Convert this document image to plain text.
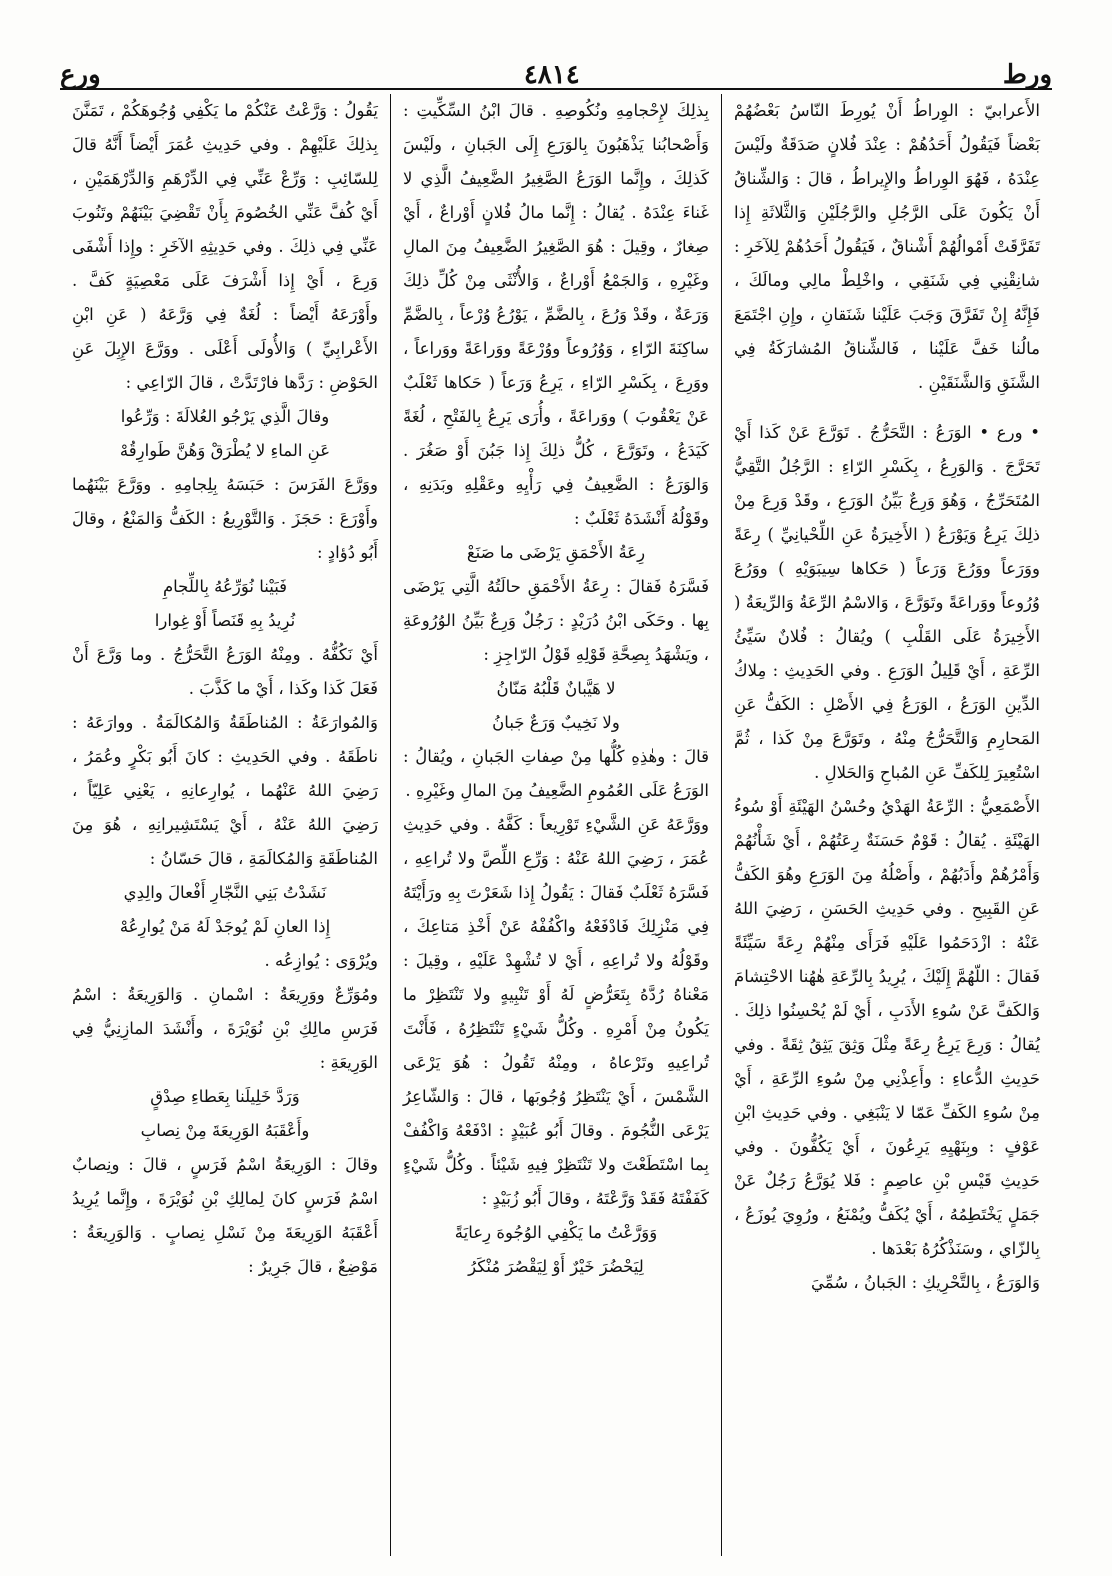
ورط
٤٨١٤
ورع

الأَعرابيّ : الوِراطُ أَنْ يُورِطَ النّاسُ بَعْضُهُمْ بَعْضاً فَيَقُولُ أَحَدُهُمْ : عِنْدَ فُلانٍ صَدَقَةٌ ولَيْسَ عِنْدَهُ ، فَهُوَ الوِراطُ والإِيراطُ ، قالَ : وَالشِّناقُ أَنْ يَكُونَ عَلَى الرَّجُلِ والرَّجُلَيْنِ وَالثَّلاثَةِ إِذا تَفَرَّقَتْ أَمْوالُهُمْ أَشْناقٌ ، فَيَقُولُ أَحَدُهُمْ لِلآخَرِ : شانِقْنِي فِي شَنَقِي ، واخْلِطْ مالِي ومالَكَ ، فَإِنَّهُ إِنْ تَفَرَّقَ وَجَبَ عَلَيْنا شَنَقانِ ، وإِنِ اجْتَمَعَ مالُنا خَفَّ عَلَيْنا ، فَالشِّناقُ المُشارَكَةُ فِي الشَّنَقِ وَالشَّنَقَيْنِ .

• ورع • الوَرَعُ : التَّحَرُّجُ . تَوَرَّعَ عَنْ كَذا أَيْ تَحَرَّجَ . وَالوَرِعُ ، بِكَسْرِ الرّاءِ : الرَّجُلُ التَّقِيُّ المُتَحَرِّجُ ، وَهُوَ وَرِعٌ بَيِّنُ الوَرَعِ ، وقَدْ وَرِعَ مِنْ ذلِكَ يَرِعُ وَيَوْرَعُ ( الأَخِيرَةُ عَنِ اللِّحْيانِيِّ ) رِعَةً ووَرَعاً ووَرُعَ وَرَعاً ( حَكاها سِيبَوَيْهِ ) ووَرُعَ وُرُوعاً ووَراعَةً وتَوَرَّعَ ، وَالاسْمُ الرِّعَةُ وَالرِّيعَةُ ( الأَخِيرَةُ عَلَى القَلْبِ ) ويُقالُ : فُلانٌ سَيِّئُ الرِّعَةِ ، أَيْ قَلِيلُ الوَرَعِ . وفي الحَدِيثِ : مِلاكُ الدِّينِ الوَرَعُ ، الوَرَعُ فِي الأَصْلِ : الكَفُّ عَنِ المَحارِمِ وَالتَّحَرُّجُ مِنْهُ ، وتَوَرَّعَ مِنْ كَذا ، ثُمَّ اسْتُعِيرَ لِلكَفِّ عَنِ المُباحِ وَالحَلالِ .

الأَصْمَعِيُّ : الرِّعَةُ الهَدْيُ وحُسْنُ الهَيْئَةِ أَوْ سُوءُ الهَيْئَةِ . يُقالُ : قَوْمٌ حَسَنَةٌ رِعَتُهُمْ ، أَيْ شَأْنُهُمْ وَأَمْرُهُمْ وأَدَبُهُمْ ، وأَصْلُهُ مِنَ الوَرَعِ وهُوَ الكَفُّ عَنِ القَبِيحِ . وفي حَدِيثِ الحَسَنِ ، رَضِيَ اللهُ عَنْهُ : ازْدَحَمُوا عَلَيْهِ فَرَأَى مِنْهُمْ رِعَةً سَيِّئَةً فَقالَ : اللّهُمَّ إِلَيْكَ ، يُرِيدُ بِالرِّعَةِ هٰهُنا الاحْتِشامَ وَالكَفَّ عَنْ سُوءِ الأَدَبِ ، أَيْ لَمْ يُحْسِنُوا ذلِكَ . يُقالُ : وَرِعَ يَرِعُ رِعَةً مِثْلَ وَثِقَ يَثِقُ ثِقَةً . وفي حَدِيثِ الدُّعاءِ : وأَعِذْنِي مِنْ سُوءِ الرِّعَةِ ، أَيْ مِنْ سُوءِ الكَفِّ عَمّا لا يَنْبَغِي . وفي حَدِيثِ ابْنِ عَوْفٍ : وبِنَهْيِهِ يَرِعُونَ ، أَيْ يَكُفُّونَ . وفي حَدِيثِ قَيْسِ بْنِ عاصِمٍ : فَلا يُوَرَّعُ رَجُلٌ عَنْ جَمَلٍ يَخْتَطِمُهُ ، أَيْ يُكَفُّ ويُمْنَعُ ، ورُوِيَ يُوزَعُ ، بِالزّاي ، وسَنَذْكُرُهُ بَعْدَها .

وَالوَرَعُ ، بِالتَّحْرِيكِ : الجَبانُ ، سُمِّيَ

بِذلِكَ لإِحْجامِهِ ونُكُوصِهِ . قالَ ابْنُ السِّكِّيتِ : وَأَصْحابُنا يَذْهَبُونَ بِالوَرَعِ إِلَى الجَبانِ ، ولَيْسَ كَذلِكَ ، وإِنَّما الوَرَعُ الصَّغِيرُ الضَّعِيفُ الَّذِي لا غَناءَ عِنْدَهُ . يُقالُ : إِنَّما مالُ فُلانٍ أَوْراعٌ ، أَيْ صِغارٌ ، وقِيلَ : هُوَ الصَّغِيرُ الضَّعِيفُ مِنَ المالِ وغَيْرِهِ ، وَالجَمْعُ أَوْراعٌ ، وَالأُنْثَى مِنْ كُلِّ ذلِكَ وَرَعَةٌ ، وقَدْ وَرُعَ ، بِالضَّمِّ ، يَوْرُعُ وُرْعاً ، بِالضَّمِّ ساكِنَةَ الرّاءِ ، وَوُرُوعاً ووُرْعَةً ووَراعَةً ووَراعاً ، ووَرِعَ ، بِكَسْرِ الرّاءِ ، يَرِعُ وَرَعاً ( حَكاها ثَعْلَبٌ عَنْ يَعْقُوبَ ) ووَراعَةً ، وأُرَى يَرِعُ بِالفَتْحِ ، لُغَةً كَيَدَعُ ، وتَوَرَّعَ ، كُلُّ ذلِكَ إِذا جَبُنَ أَوْ صَغُرَ . وَالوَرَعُ : الضَّعِيفُ فِي رَأْيِهِ وعَقْلِهِ وبَدَنِهِ ، وقَوْلُهُ أَنْشَدَهُ ثَعْلَبٌ :

رِعَةُ الأَحْمَقِ يَرْضَى ما صَنَعْ

فَسَّرَهُ فَقالَ : رِعَةُ الأَحْمَقِ حالَتُهُ الَّتِي يَرْضَى بِها . وحَكَى ابْنُ دُرَيْدٍ : رَجُلٌ وَرِعٌ بَيِّنُ الوُرُوعَةِ ، ويَشْهَدُ بِصِحَّةِ قَوْلِهِ قَوْلُ الرّاجِزِ :

لا هَيَّبانٌ قَلْبُهُ مَنّانُ

ولا نَخِيبٌ وَرَعٌ جَبانُ

قالَ : وهٰذِهِ كُلُّها مِنْ صِفاتِ الجَبانِ ، ويُقالُ : الوَرَعُ عَلَى العُمُومِ الضَّعِيفُ مِنَ المالِ وغَيْرِهِ .

ووَرَّعَهُ عَنِ الشَّيْءِ تَوْرِيعاً : كَفَّهُ . وفي حَدِيثِ عُمَرَ ، رَضِيَ اللهُ عَنْهُ : وَرِّعِ اللِّصَّ ولا تُراعِهِ ، فَسَّرَهُ ثَعْلَبٌ فَقالَ : يَقُولُ إِذا شَعَرْتَ بِهِ ورَأَيْتَهُ فِي مَنْزِلِكَ فَادْفَعْهُ واكْفُفْهُ عَنْ أَخْذِ مَتاعِكَ ، وقَوْلُهُ ولا تُراعِهِ ، أَيْ لا تُشْهِدْ عَلَيْهِ ، وقِيلَ : مَعْناهُ رُدَّهُ بِتَعَرُّضٍ لَهُ أَوْ تَنْبِيهٍ ولا تَنْتَظِرْ ما يَكُونُ مِنْ أَمْرِهِ . وكُلُّ شَيْءٍ تَنْتَظِرُهُ ، فَأَنْتَ تُراعِيهِ وتَرْعاهُ ، ومِنْهُ تَقُولُ : هُوَ يَرْعَى الشَّمْسَ ، أَيْ يَنْتَظِرُ وُجُوبَها ، قالَ : وَالشّاعِرُ يَرْعَى النُّجُومَ . وقالَ أَبُو عُبَيْدٍ : ادْفَعْهُ وَاكْفُفْ بِما اسْتَطَعْتَ ولا تَنْتَظِرْ فِيهِ شَيْئاً . وكُلُّ شَيْءٍ كَفَفْتَهُ فَقَدْ وَرَّعْتَهُ ، وقالَ أَبُو زُبَيْدٍ :

وَوَرَّعْتُ ما يَكْفِي الوُجُوهَ رِعايَةً

لِيَحْضُرَ خَيْرٌ أَوْ لِيَقْصُرَ مُنْكَرُ

يَقُولُ : وَرَّعْتُ عَنْكُمْ ما يَكْفِي وُجُوهَكُمْ ، تَمَنَّنَ بِذلِكَ عَلَيْهِمْ . وفي حَدِيثِ عُمَرَ أَيْضاً أَنَّهُ قالَ لِلسّائِبِ : وَرِّعْ عَنِّي فِي الدِّرْهَمِ وَالدِّرْهَمَيْنِ ، أَيْ كُفَّ عَنِّي الخُصُومَ بِأَنْ تَقْضِيَ بَيْنَهُمْ وتَنُوبَ عَنِّي فِي ذلِكَ . وفي حَدِيثِهِ الآخَرِ : وإِذا أَشْفَى وَرِعَ ، أَيْ إِذا أَشْرَفَ عَلَى مَعْصِيَةٍ كَفَّ . وأَوْرَعَهُ أَيْضاً : لُغَةٌ فِي وَرَّعَهُ ( عَنِ ابْنِ الأَعْرابِيِّ ) وَالأُولَى أَعْلَى . ووَرَّعَ الإِبِلَ عَنِ الحَوْضِ : رَدَّها فارْتَدَّتْ ، قالَ الرّاعِي :

وقالَ الَّذِي يَرْجُو العُلالَةَ : وَرِّعُوا

عَنِ الماءِ لا يُطْرَقْ وَهُنَّ طَوارِقُهْ

ووَرَّعَ الفَرَسَ : حَبَسَهُ بِلِجامِهِ . ووَرَّعَ بَيْنَهُما وأَوْرَعَ : حَجَزَ . وَالتَّوْرِيعُ : الكَفُّ وَالمَنْعُ ، وقالَ أَبُو دُؤادٍ :

فَبَيْنا نُوَرِّعُهُ بِاللِّجامِ

نُرِيدُ بِهِ قَنَصاً أَوْ غِوارا

أَيْ نَكُفُّهُ . ومِنْهُ الوَرَعُ التَّحَرُّجُ . وما وَرَّعَ أَنْ فَعَلَ كَذا وكَذا ، أَيْ ما كَذَّبَ .

وَالمُوارَعَةُ : المُناطَقَةُ وَالمُكالَمَةُ . ووارَعَهُ : ناطَقَهُ . وفي الحَدِيثِ : كانَ أَبُو بَكْرٍ وعُمَرُ ، رَضِيَ اللهُ عَنْهُما ، يُوارِعانِهِ ، يَعْنِي عَلِيّاً ، رَضِيَ اللهُ عَنْهُ ، أَيْ يَسْتَشِيرانِهِ ، هُوَ مِنَ المُناطَقَةِ وَالمُكالَمَةِ ، قالَ حَسّانُ :

نَشَدْتُ بَنِي النَّجّارِ أَفْعالَ والِدِي

إِذا العانِ لَمْ يُوجَدْ لَهُ مَنْ يُوارِعُهْ

ويُرْوَى : يُوازِعُه .

ومُوَرِّعٌ ووَرِيعَةُ : اسْمانِ . وَالوَرِيعَةُ : اسْمُ فَرَسِ مالِكِ بْنِ نُوَيْرَةَ ، وأَنْشَدَ المازِنِيُّ فِي الوَرِيعَةِ :

وَرَدَّ خَلِيلَنا بِعَطاءِ صِدْقٍ

وأَعْقَبَهُ الوَرِيعَةَ مِنْ نِصابِ

وقالَ : الوَرِيعَةُ اسْمُ فَرَسٍ ، قالَ : ونِصابٌ اسْمُ فَرَسٍ كانَ لِمالِكِ بْنِ نُوَيْرَةَ ، وإِنَّما يُرِيدُ أَعْقَبَهُ الوَرِيعَةَ مِنْ نَسْلِ نِصابٍ . وَالوَرِيعَةُ : مَوْضِعٌ ، قالَ جَرِيرٌ :
